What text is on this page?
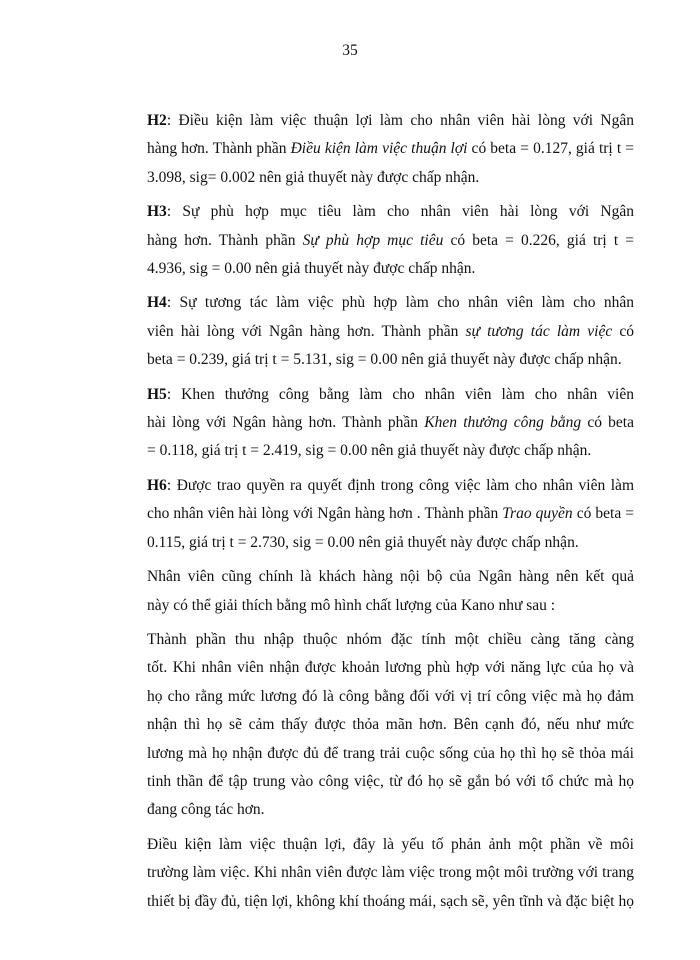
35
H2: Điều kiện làm việc thuận lợi làm cho nhân viên hài lòng với Ngân
hàng hơn. Thành phần Điều kiện làm việc thuận lợi có beta = 0.127, giá trị t =
3.098, sig= 0.002 nên giả thuyết này được chấp nhận.
H3: Sự phù hợp mục tiêu làm cho nhân viên hài lòng với Ngân
hàng hơn. Thành phần Sự phù hợp mục tiêu có beta = 0.226, giá trị t =
4.936, sig = 0.00 nên giả thuyết này được chấp nhận.
H4: Sự tương tác làm việc phù hợp làm cho nhân viên làm cho nhân
viên hài lòng với Ngân hàng hơn. Thành phần sự tương tác làm việc có
beta = 0.239, giá trị t = 5.131, sig = 0.00 nên giả thuyết này được chấp nhận.
H5: Khen thưởng công bằng làm cho nhân viên làm cho nhân viên
hài lòng với Ngân hàng hơn. Thành phần Khen thưởng công bằng có beta
= 0.118, giá trị t = 2.419, sig = 0.00 nên giả thuyết này được chấp nhận.
H6: Được trao quyền ra quyết định trong công việc làm cho nhân viên làm
cho nhân viên hài lòng với Ngân hàng hơn . Thành phần Trao quyền có beta =
0.115, giá trị t = 2.730, sig = 0.00 nên giả thuyết này được chấp nhận.
Nhân viên cũng chính là khách hàng nội bộ của Ngân hàng nên kết quả
này có thể giải thích bằng mô hình chất lượng của Kano như sau :
Thành phần thu nhập thuộc nhóm đặc tính một chiều càng tăng càng
tốt. Khi nhân viên nhận được khoản lương phù hợp với năng lực của họ và
họ cho rằng mức lương đó là công bằng đối với vị trí công việc mà họ đảm
nhận thì họ sẽ cảm thấy được thỏa mãn hơn. Bên cạnh đó, nếu như mức
lương mà họ nhận được đủ để trang trải cuộc sống của họ thì họ sẽ thỏa mái
tinh thần để tập trung vào công việc, từ đó họ sẽ gắn bó với tổ chức mà họ
đang công tác hơn.
Điều kiện làm việc thuận lợi, đây là yếu tố phản ảnh một phần về môi
trường làm việc. Khi nhân viên được làm việc trong một môi trường với trang
thiết bị đầy đủ, tiện lợi, không khí thoáng mái, sạch sẽ, yên tĩnh và đặc biệt họ
